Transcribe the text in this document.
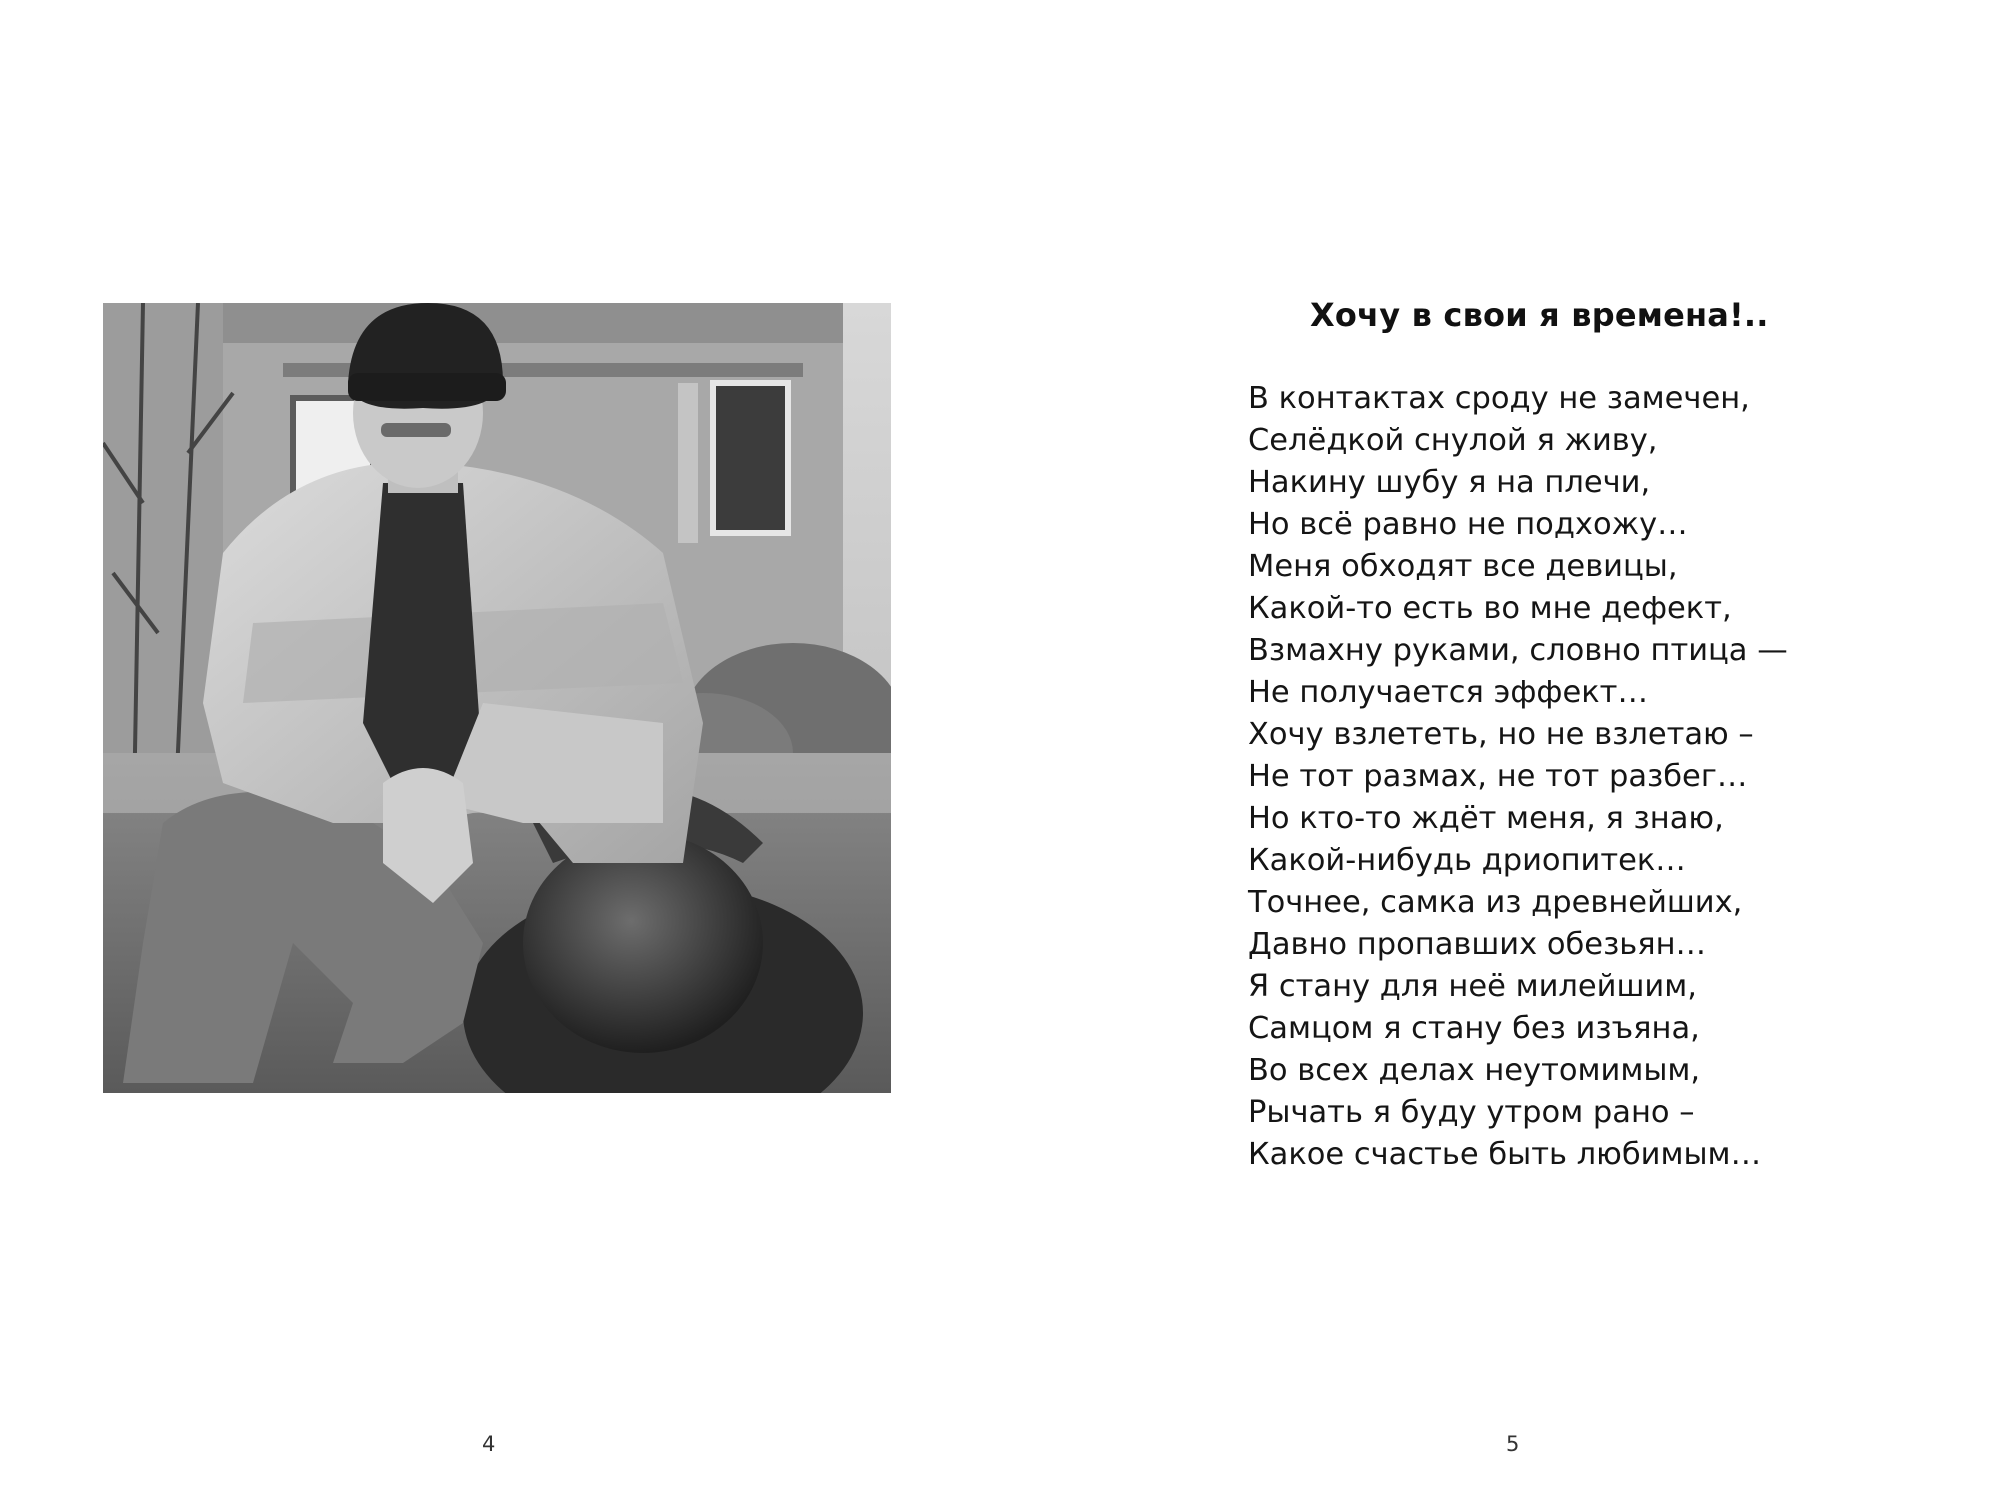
4
Хочу в свои я времена!..
В контактах сроду не замечен,
Селёдкой снулой я живу,
Накину шубу я на плечи,
Но всё равно не подхожу…
Меня обходят все девицы,
Какой-то есть во мне дефект,
Взмахну руками, словно птица —
Не получается эффект…
Хочу взлететь, но не взлетаю –
Не тот размах, не тот разбег…
Но кто-то ждёт меня, я знаю,
Какой-нибудь дриопитек…
Точнее, самка из древнейших,
Давно пропавших обезьян…
Я стану для неё милейшим,
Самцом я стану без изъяна,
Во всех делах неутомимым,
Рычать я буду утром рано –
Какое счастье быть любимым…
5
